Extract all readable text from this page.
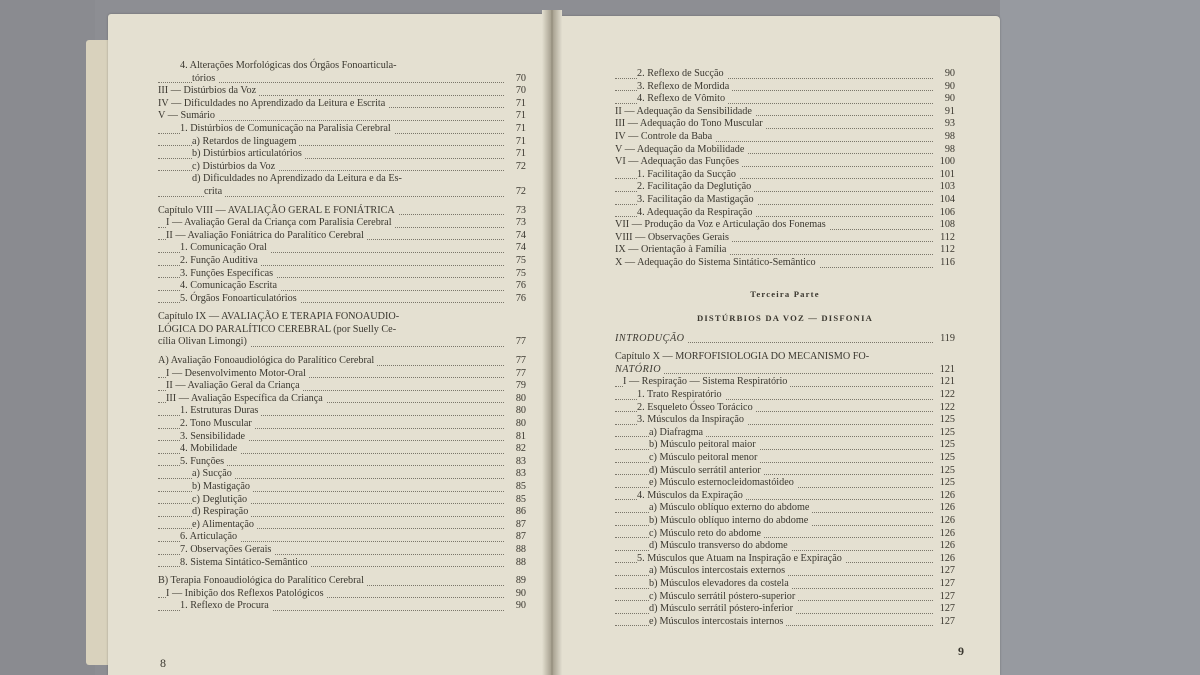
4. Alterações Morfológicas dos Órgãos Fonoarticula-
tórios	70
III — Distúrbios da Voz	70
IV — Dificuldades no Aprendizado da Leitura e Escrita	71
V — Sumário	71
1. Distúrbios de Comunicação na Paralisia Cerebral	71
a) Retardos de linguagem	71
b) Distúrbios articulatórios	71
c) Distúrbios da Voz	72
d) Dificuldades no Aprendizado da Leitura e da Es-
crita	72
Capítulo VIII — AVALIAÇÃO GERAL E FONIÁTRICA	73
I — Avaliação Geral da Criança com Paralisia Cerebral	73
II — Avaliação Foniátrica do Paralítico Cerebral	74
1. Comunicação Oral	74
2. Função Auditiva	75
3. Funções Específicas	75
4. Comunicação Escrita	76
5. Órgãos Fonoarticulatórios	76
Capítulo IX — AVALIAÇÃO E TERAPIA FONOAUDIO-
LÓGICA DO PARALÍTICO CEREBRAL (por Suelly Ce-
cília Olivan Limongi)	77
A) Avaliação Fonoaudiológica do Paralítico Cerebral	77
I — Desenvolvimento Motor-Oral	77
II — Avaliação Geral da Criança	79
III — Avaliação Específica da Criança	80
1. Estruturas Duras	80
2. Tono Muscular	80
3. Sensibilidade	81
4. Mobilidade	82
5. Funções	83
a) Sucção	83
b) Mastigação	85
c) Deglutição	85
d) Respiração	86
e) Alimentação	87
6. Articulação	87
7. Observações Gerais	88
8. Sistema Sintático-Semântico	88
B) Terapia Fonoaudiológica do Paralítico Cerebral	89
I — Inibição dos Reflexos Patológicos	90
1. Reflexo de Procura	90
8
2. Reflexo de Sucção	90
3. Reflexo de Mordida	90
4. Reflexo de Vômito	90
II — Adequação da Sensibilidade	91
III — Adequação do Tono Muscular	93
IV — Controle da Baba	98
V — Adequação da Mobilidade	98
VI — Adequação das Funções	100
1. Facilitação da Sucção	101
2. Facilitação da Deglutição	103
3. Facilitação da Mastigação	104
4. Adequação da Respiração	106
VII — Produção da Voz e Articulação dos Fonemas	108
VIII — Observações Gerais	112
IX — Orientação à Família	112
X — Adequação do Sistema Sintático-Semântico	116
Terceira Parte
DISTÚRBIOS DA VOZ — DISFONIA
INTRODUÇÃO	119
Capítulo X — MORFOFISIOLOGIA DO MECANISMO FO-
NATÓRIO	121
I — Respiração — Sistema Respiratório	121
1. Trato Respiratório	122
2. Esqueleto Ósseo Torácico	122
3. Músculos da Inspiração	125
a) Diafragma	125
b) Músculo peitoral maior	125
c) Músculo peitoral menor	125
d) Músculo serrátil anterior	125
e) Músculo esternocleidomastóideo	125
4. Músculos da Expiração	126
a) Músculo oblíquo externo do abdome	126
b) Músculo oblíquo interno do abdome	126
c) Músculo reto do abdome	126
d) Músculo transverso do abdome	126
5. Músculos que Atuam na Inspiração e Expiração	126
a) Músculos intercostais externos	127
b) Músculos elevadores da costela	127
c) Músculo serrátil póstero-superior	127
d) Músculo serrátil póstero-inferior	127
e) Músculos intercostais internos	127
9
